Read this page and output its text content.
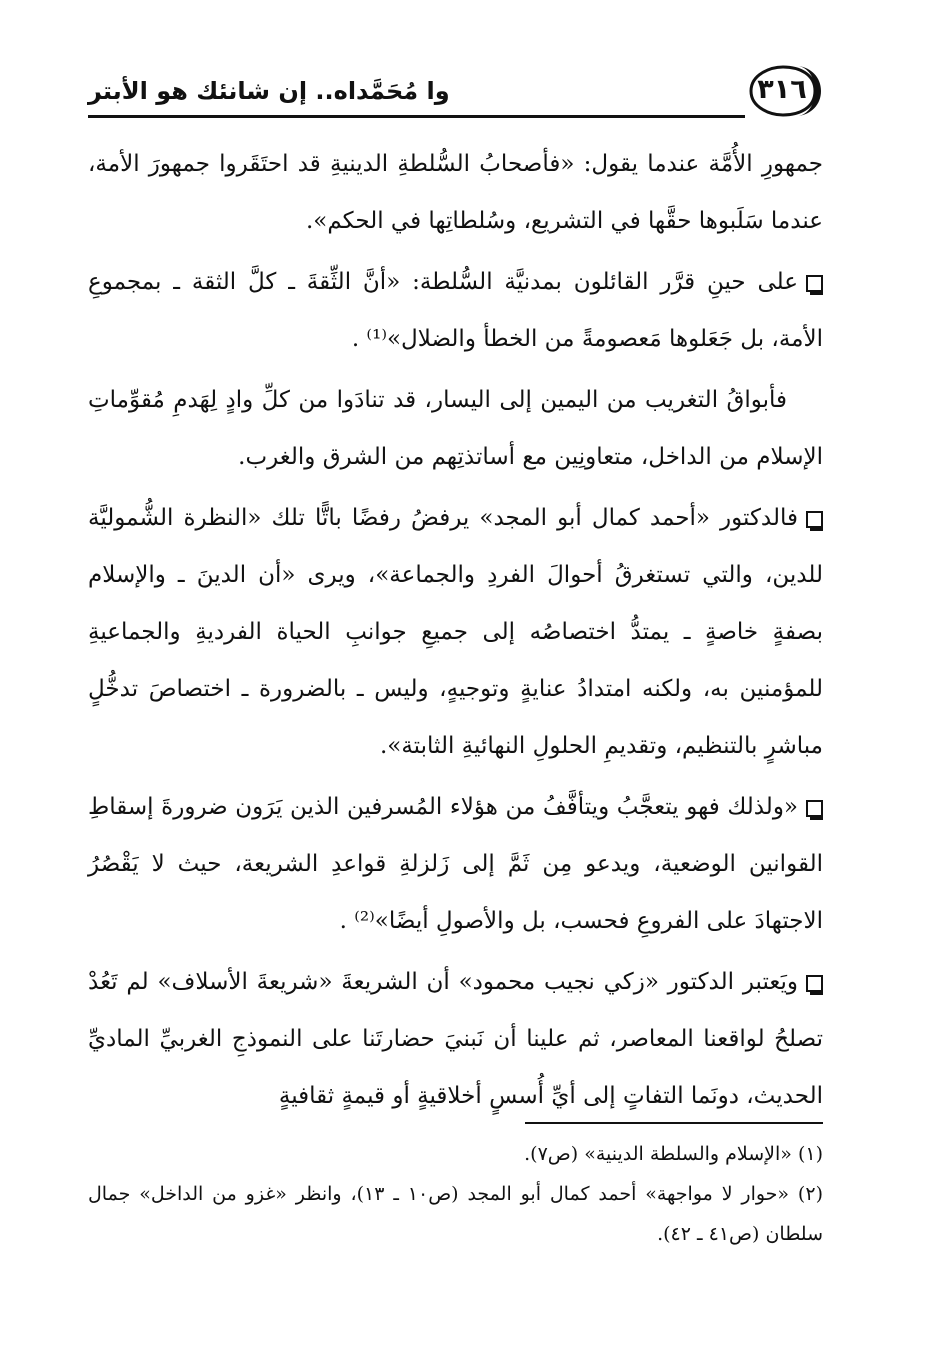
٣١٦
وا مُحَمَّداه.. إن شانئك هو الأبتر

جمهورِ الأُمَّة عندما يقول: «فأصحابُ السُّلطةِ الدينيةِ قد احتَقَروا جمهورَ الأمة، عندما سَلَبوها حقَّها في التشريع، وسُلطاتِها في الحكم».

على حينِ قرَّر القائلون بمدنيَّة السُّلطة: «أنَّ الثِّقةَ ـ كلَّ الثقة ـ بمجموعِ الأمة، بل جَعَلوها مَعصومةً من الخطأ والضلال»⁽¹⁾ .

فأبواقُ التغريب من اليمين إلى اليسار، قد تنادَوا من كلِّ وادٍ لِهَدمِ مُقوِّماتِ الإسلام من الداخل، متعاونِين مع أساتذتِهم من الشرق والغرب.

فالدكتور «أحمد كمال أبو المجد» يرفضُ رفضًا باتًّا تلك «النظرة الشُّموليَّة للدين، والتي تستغرقُ أحوالَ الفردِ والجماعة»، ويرى «أن الدينَ ـ والإسلام بصفةٍ خاصةٍ ـ يمتدُّ اختصاصُه إلى جميعِ جوانبِ الحياة الفرديةِ والجماعيةِ للمؤمنين به، ولكنه امتدادُ عنايةٍ وتوجيهٍ، وليس ـ بالضرورة ـ اختصاصَ تدخُّلٍ مباشرٍ بالتنظيم، وتقديمِ الحلولِ النهائيةِ الثابتة».

«ولذلك فهو يتعجَّبُ ويتأفَّفُ من هؤلاء المُسرفين الذين يَرَون ضرورةَ إسقاطِ القوانين الوضعية، ويدعو مِن ثَمَّ إلى زَلزلةِ قواعدِ الشريعة، حيث لا يَقْصُرُ الاجتهادَ على الفروعِ فحسب، بل والأصولِ أيضًا»⁽²⁾ .

ويَعتبر الدكتور «زكي نجيب محمود» أن الشريعةَ «شريعةَ الأسلاف» لم تَعُدْ تصلحُ لواقعنا المعاصر، ثم علينا أن نَبنيَ حضارتَنا على النموذجِ الغربيِّ الماديِّ الحديث، دونَما التفاتٍ إلى أيِّ أُسسٍ أخلاقيةٍ أو قيمةٍ ثقافيةٍ

(١) «الإسلام والسلطة الدينية» (ص٧).

(٢) «حوار لا مواجهة» أحمد كمال أبو المجد (ص١٠ ـ ١٣)، وانظر «غزو من الداخل» جمال سلطان (ص٤١ ـ ٤٢).
